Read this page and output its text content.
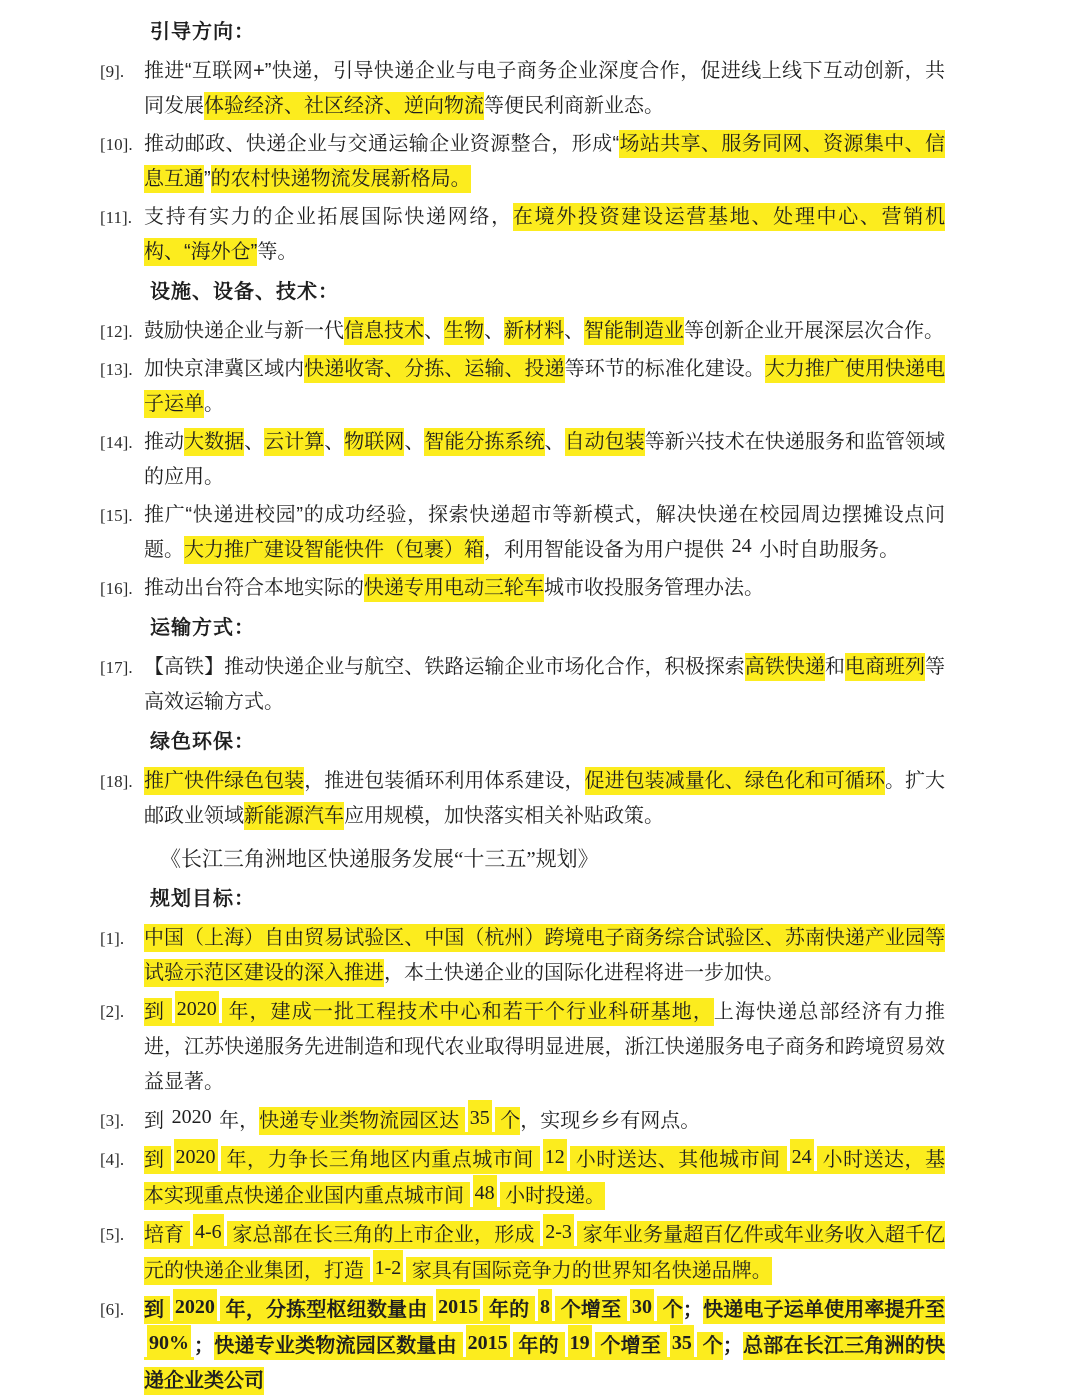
引导方向：
[9]. 推进“互联网+”快递，引导快递企业与电子商务企业深度合作，促进线上线下互动创新，共同发展体验经济、社区经济、逆向物流等便民利商新业态。
[10]. 推动邮政、快递企业与交通运输企业资源整合，形成“场站共享、服务同网、资源集中、信息互通”的农村快递物流发展新格局。
[11]. 支持有实力的企业拓展国际快递网络，在境外投资建设运营基地、处理中心、营销机构、“海外仓”等。
设施、设备、技术：
[12]. 鼓励快递企业与新一代信息技术、生物、新材料、智能制造业等创新企业开展深层次合作。
[13]. 加快京津冀区域内快递收寄、分拣、运输、投递等环节的标准化建设。大力推广使用快递电子运单。
[14]. 推动大数据、云计算、物联网、智能分拣系统、自动包装等新兴技术在快递服务和监管领域的应用。
[15]. 推广“快递进校园”的成功经验，探索快递超市等新模式，解决快递在校园周边摆摊设点问题。大力推广建设智能快件（包裹）箱，利用智能设备为用户提供 24 小时自助服务。
[16]. 推动出台符合本地实际的快递专用电动三轮车城市收投服务管理办法。
运输方式：
[17]. 【高铁】推动快递企业与航空、铁路运输企业市场化合作，积极探索高铁快递和电商班列等高效运输方式。
绿色环保：
[18]. 推广快件绿色包装，推进包装循环利用体系建设，促进包装减量化、绿色化和可循环。扩大邮政业领域新能源汽车应用规模，加快落实相关补贴政策。
《长江三角洲地区快递服务发展“十三五”规划》
规划目标：
[1]. 中国（上海）自由贸易试验区、中国（杭州）跨境电子商务综合试验区、苏南快递产业园等试验示范区建设的深入推进，本土快递企业的国际化进程将进一步加快。
[2]. 到 2020 年，建成一批工程技术中心和若干个行业科研基地，上海快递总部经济有力推进，江苏快递服务先进制造和现代农业取得明显进展，浙江快递服务电子商务和跨境贸易效益显著。
[3]. 到 2020 年，快递专业类物流园区达 35 个，实现乡乡有网点。
[4]. 到 2020 年，力争长三角地区内重点城市间 12 小时送达、其他城市间 24 小时送达，基本实现重点快递企业国内重点城市间 48 小时投递。
[5]. 培育 4-6 家总部在长三角的上市企业，形成 2-3 家年业务量超百亿件或年业务收入超千亿元的快递企业集团，打造 1-2 家具有国际竞争力的世界知名快递品牌。
[6]. 到 2020 年，分拣型枢纽数量由 2015 年的 8 个增至 30 个；快递电子运单使用率提升至 90% ；快递专业类物流园区数量由 2015 年的 19 个增至 35 个；总部在长江三角洲的快递企业类公司
